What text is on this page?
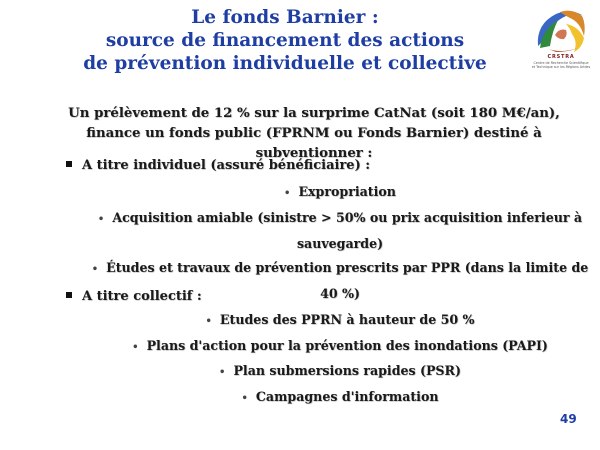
Le fonds Barnier :
source de financement des actions
de prévention individuelle et collective	CRSTRA
Centre de Recherche Scientifique
et Technique sur les Régions Arides
Un prélèvement de 12 % sur la surprime CatNat (soit 180 M€/an), finance un fonds public (FPRNM ou Fonds Barnier) destiné à subventionner :
A titre individuel (assuré bénéficiaire) :
• Expropriation
• Acquisition amiable (sinistre > 50% ou prix acquisition inferieur à sauvegarde)
• Études et travaux de prévention prescrits par PPR (dans la limite de 40 %)
A titre collectif :
• Etudes des PPRN à hauteur de 50 %
• Plans d'action pour la prévention des inondations (PAPI)
• Plan submersions rapides (PSR)
• Campagnes d'information
49
